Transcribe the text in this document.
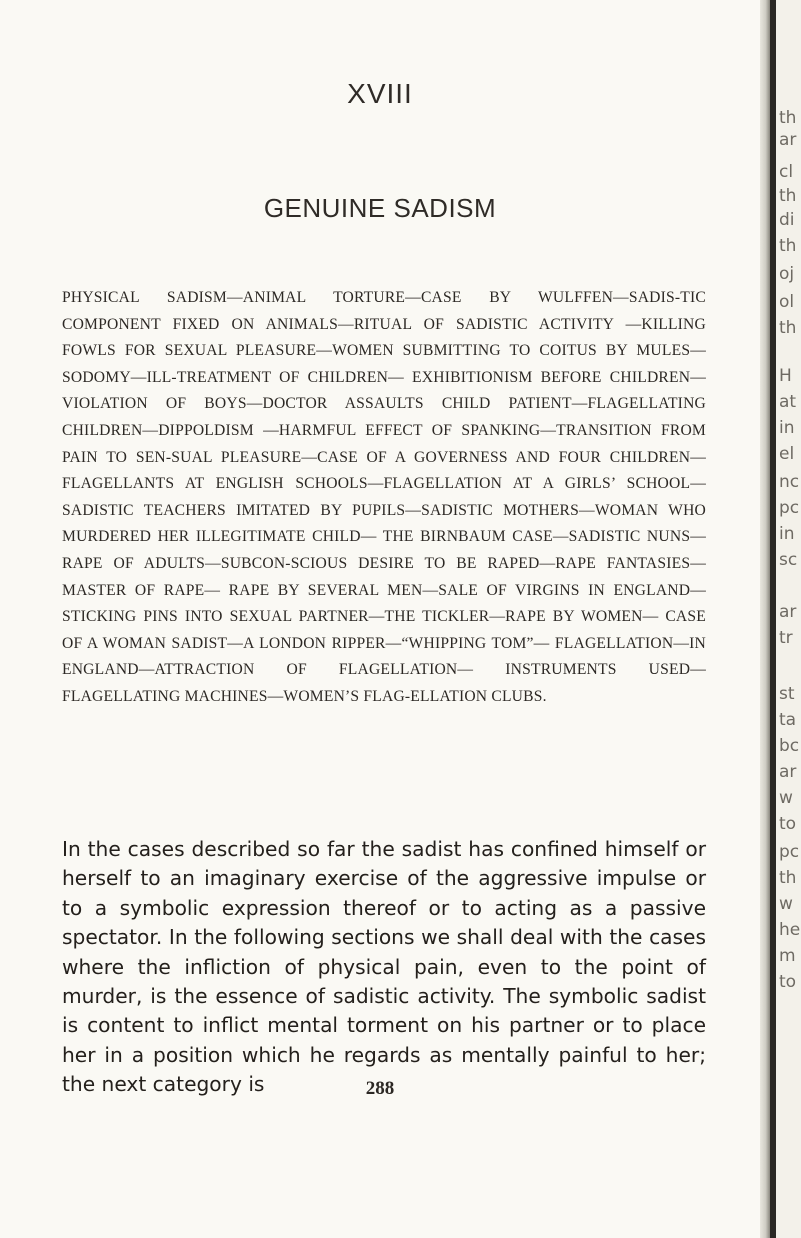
XVIII
GENUINE SADISM

PHYSICAL SADISM—ANIMAL TORTURE—CASE BY WULFFEN—SADIS-TIC COMPONENT FIXED ON ANIMALS—RITUAL OF SADISTIC ACTIVITY —KILLING FOWLS FOR SEXUAL PLEASURE—WOMEN SUBMITTING TO COITUS BY MULES—SODOMY—ILL-TREATMENT OF CHILDREN— EXHIBITIONISM BEFORE CHILDREN—VIOLATION OF BOYS—DOCTOR ASSAULTS CHILD PATIENT—FLAGELLATING CHILDREN—DIPPOLDISM —HARMFUL EFFECT OF SPANKING—TRANSITION FROM PAIN TO SEN-SUAL PLEASURE—CASE OF A GOVERNESS AND FOUR CHILDREN— FLAGELLANTS AT ENGLISH SCHOOLS—FLAGELLATION AT A GIRLS’ SCHOOL—SADISTIC TEACHERS IMITATED BY PUPILS—SADISTIC MOTHERS—WOMAN WHO MURDERED HER ILLEGITIMATE CHILD— THE BIRNBAUM CASE—SADISTIC NUNS—RAPE OF ADULTS—SUBCON-SCIOUS DESIRE TO BE RAPED—RAPE FANTASIES—MASTER OF RAPE— RAPE BY SEVERAL MEN—SALE OF VIRGINS IN ENGLAND—STICKING PINS INTO SEXUAL PARTNER—THE TICKLER—RAPE BY WOMEN— CASE OF A WOMAN SADIST—A LONDON RIPPER—“WHIPPING TOM”— FLAGELLATION—IN ENGLAND—ATTRACTION OF FLAGELLATION— INSTRUMENTS USED—FLAGELLATING MACHINES—WOMEN’S FLAG-ELLATION CLUBS.

In the cases described so far the sadist has confined himself or herself to an imaginary exercise of the aggressive impulse or to a symbolic expression thereof or to acting as a passive spectator. In the following sections we shall deal with the cases where the infliction of physical pain, even to the point of murder, is the essence of sadistic activity. The symbolic sadist is content to inflict mental torment on his partner or to place her in a position which he regards as mentally painful to her; the next category is	288
th
ar
cl
th
di
th
oj
ol
th
H
at
in
el
nc
pc
in
sc
ar
tr
st
ta
bc
ar
w
to
pc
th
w
he
m
to
